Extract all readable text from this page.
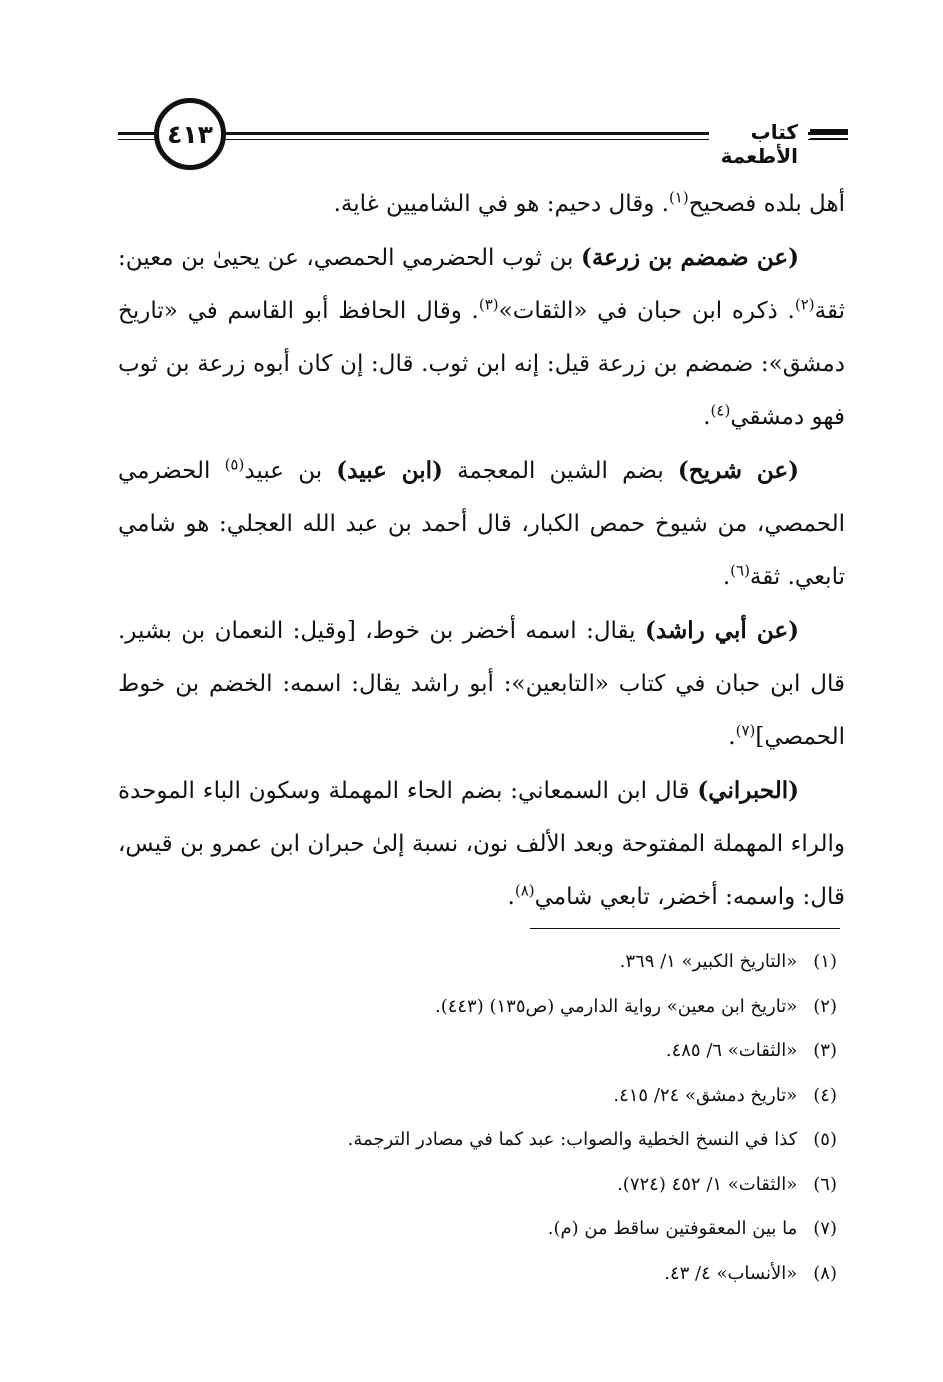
كتاب الأطعمة
٤١٣

أهل بلده فصحيح$^{(١)}$. وقال دحيم: هو في الشاميين غاية.

(عن ضمضم بن زرعة) بن ثوب الحضرمي الحمصي، عن يحيىٰ بن معين: ثقة$^{(٢)}$. ذكره ابن حبان في «الثقات»$^{(٣)}$. وقال الحافظ أبو القاسم في «تاريخ دمشق»: ضمضم بن زرعة قيل: إنه ابن ثوب. قال: إن كان أبوه زرعة بن ثوب فهو دمشقي$^{(٤)}$.

(عن شريح) بضم الشين المعجمة (ابن عبيد) بن عبيد$^{(٥)}$ الحضرمي الحمصي، من شيوخ حمص الكبار، قال أحمد بن عبد الله العجلي: هو شامي تابعي. ثقة$^{(٦)}$.

(عن أبي راشد) يقال: اسمه أخضر بن خوط، [وقيل: النعمان بن بشير. قال ابن حبان في كتاب «التابعين»: أبو راشد يقال: اسمه: الخضم بن خوط الحمصي]$^{(٧)}$.

(الحبراني) قال ابن السمعاني: بضم الحاء المهملة وسكون الباء الموحدة والراء المهملة المفتوحة وبعد الألف نون، نسبة إلىٰ حبران ابن عمرو بن قيس، قال: واسمه: أخضر، تابعي شامي$^{(٨)}$.

(١) «التاريخ الكبير» ١/ ٣٦٩.
(٢) «تاريخ ابن معين» رواية الدارمي (ص١٣٥) (٤٤٣).
(٣) «الثقات» ٦/ ٤٨٥.
(٤) «تاريخ دمشق» ٢٤/ ٤١٥.
(٥) كذا في النسخ الخطية والصواب: عبد كما في مصادر الترجمة.
(٦) «الثقات» ١/ ٤٥٢ (٧٢٤).
(٧) ما بين المعقوفتين ساقط من (م).
(٨) «الأنساب» ٤/ ٤٣.
